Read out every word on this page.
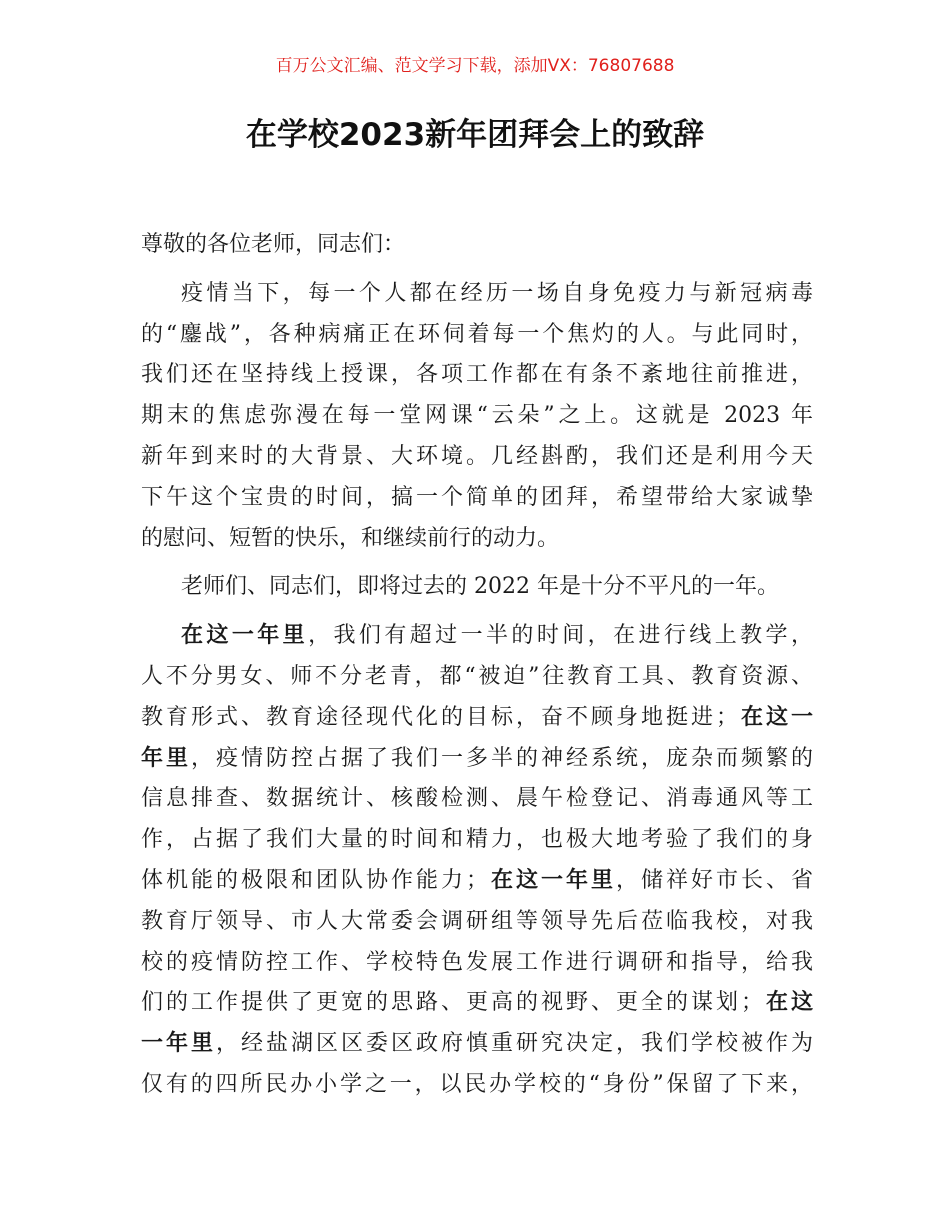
百万公文汇编、范文学习下载，添加VX：76807688
在学校2023新年团拜会上的致辞
尊敬的各位老师，同志们：
疫情当下，每一个人都在经历一场自身免疫力与新冠病毒
的“鏖战”，各种病痛正在环伺着每一个焦灼的人。与此同时，
我们还在坚持线上授课，各项工作都在有条不紊地往前推进，
期末的焦虑弥漫在每一堂网课“云朵”之上。这就是 2023 年
新年到来时的大背景、大环境。几经斟酌，我们还是利用今天
下午这个宝贵的时间，搞一个简单的团拜，希望带给大家诚挚
的慰问、短暂的快乐，和继续前行的动力。
老师们、同志们，即将过去的 2022 年是十分不平凡的一年。
在这一年里，我们有超过一半的时间，在进行线上教学，
人不分男女、师不分老青，都“被迫”往教育工具、教育资源、
教育形式、教育途径现代化的目标，奋不顾身地挺进；在这一
年里，疫情防控占据了我们一多半的神经系统，庞杂而频繁的
信息排查、数据统计、核酸检测、晨午检登记、消毒通风等工
作，占据了我们大量的时间和精力，也极大地考验了我们的身
体机能的极限和团队协作能力；在这一年里，储祥好市长、省
教育厅领导、市人大常委会调研组等领导先后莅临我校，对我
校的疫情防控工作、学校特色发展工作进行调研和指导，给我
们的工作提供了更宽的思路、更高的视野、更全的谋划；在这
一年里，经盐湖区区委区政府慎重研究决定，我们学校被作为
仅有的四所民办小学之一，以民办学校的“身份”保留了下来，
